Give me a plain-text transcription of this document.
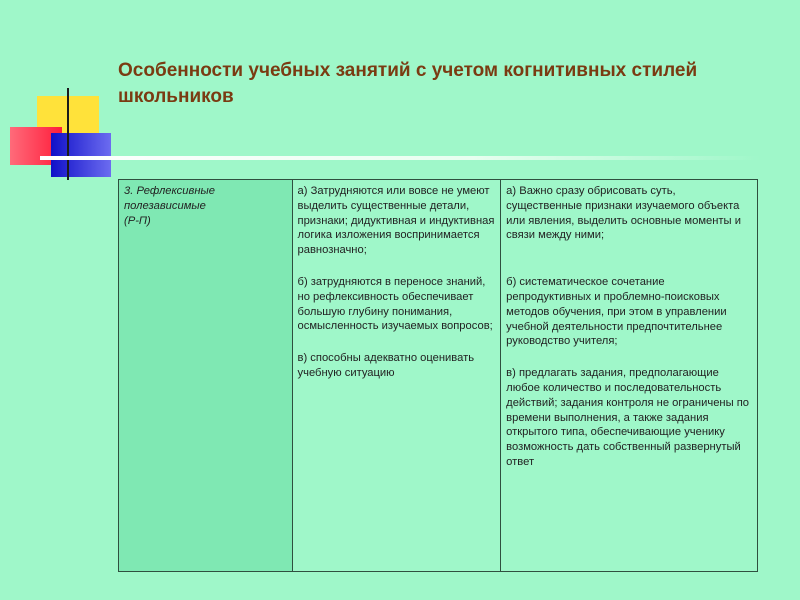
Особенности учебных занятий с учетом когнитивных стилей школьников
3. Рефлексивные
полезависимые
(Р-П)

а) Затрудняются или вовсе не умеют выделить существенные детали, признаки; дидуктивная и индуктивная логика изложения воспринимается равнозначно;
б) затрудняются в переносе знаний, но рефлексивность обеспечивает большую глубину понимания, осмысленность изучаемых вопросов;
в) способны адекватно оценивать учебную ситуацию

а) Важно сразу обрисовать суть, существенные признаки изучаемого объекта или явления, выделить основные моменты и связи между ними;
б) систематическое сочетание репродуктивных и проблемно-поисковых методов обучения, при этом в управлении учебной деятельности предпочтительнее руководство учителя;
в) предлагать задания, предполагающие любое количество и последовательность действий; задания контроля не ограничены по времени выполнения, а также задания открытого типа, обеспечивающие ученику возможность дать собственный развернутый ответ
